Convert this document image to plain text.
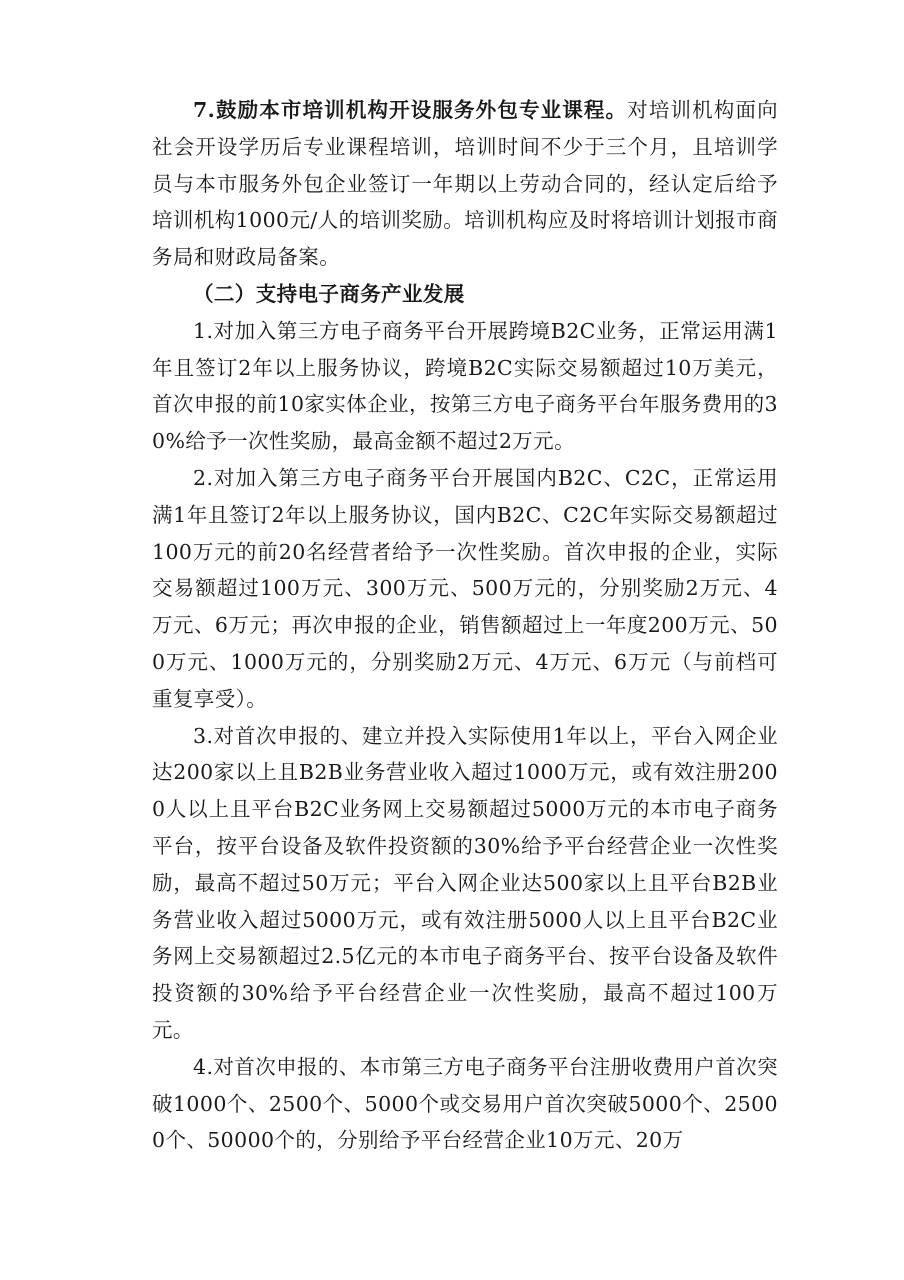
7.鼓励本市培训机构开设服务外包专业课程。对培训机构面向社会开设学历后专业课程培训，培训时间不少于三个月，且培训学员与本市服务外包企业签订一年期以上劳动合同的，经认定后给予培训机构1000元/人的培训奖励。培训机构应及时将培训计划报市商务局和财政局备案。

（二）支持电子商务产业发展

1.对加入第三方电子商务平台开展跨境B2C业务，正常运用满1年且签订2年以上服务协议，跨境B2C实际交易额超过10万美元，首次申报的前10家实体企业，按第三方电子商务平台年服务费用的30%给予一次性奖励，最高金额不超过2万元。

2.对加入第三方电子商务平台开展国内B2C、C2C，正常运用满1年且签订2年以上服务协议，国内B2C、C2C年实际交易额超过100万元的前20名经营者给予一次性奖励。首次申报的企业，实际交易额超过100万元、300万元、500万元的，分别奖励2万元、4万元、6万元；再次申报的企业，销售额超过上一年度200万元、500万元、1000万元的，分别奖励2万元、4万元、6万元（与前档可重复享受）。

3.对首次申报的、建立并投入实际使用1年以上，平台入网企业达200家以上且B2B业务营业收入超过1000万元，或有效注册2000人以上且平台B2C业务网上交易额超过5000万元的本市电子商务平台，按平台设备及软件投资额的30%给予平台经营企业一次性奖励，最高不超过50万元；平台入网企业达500家以上且平台B2B业务营业收入超过5000万元，或有效注册5000人以上且平台B2C业务网上交易额超过2.5亿元的本市电子商务平台、按平台设备及软件投资额的30%给予平台经营企业一次性奖励，最高不超过100万元。

4.对首次申报的、本市第三方电子商务平台注册收费用户首次突破1000个、2500个、5000个或交易用户首次突破5000个、25000个、50000个的，分别给予平台经营企业10万元、20万
